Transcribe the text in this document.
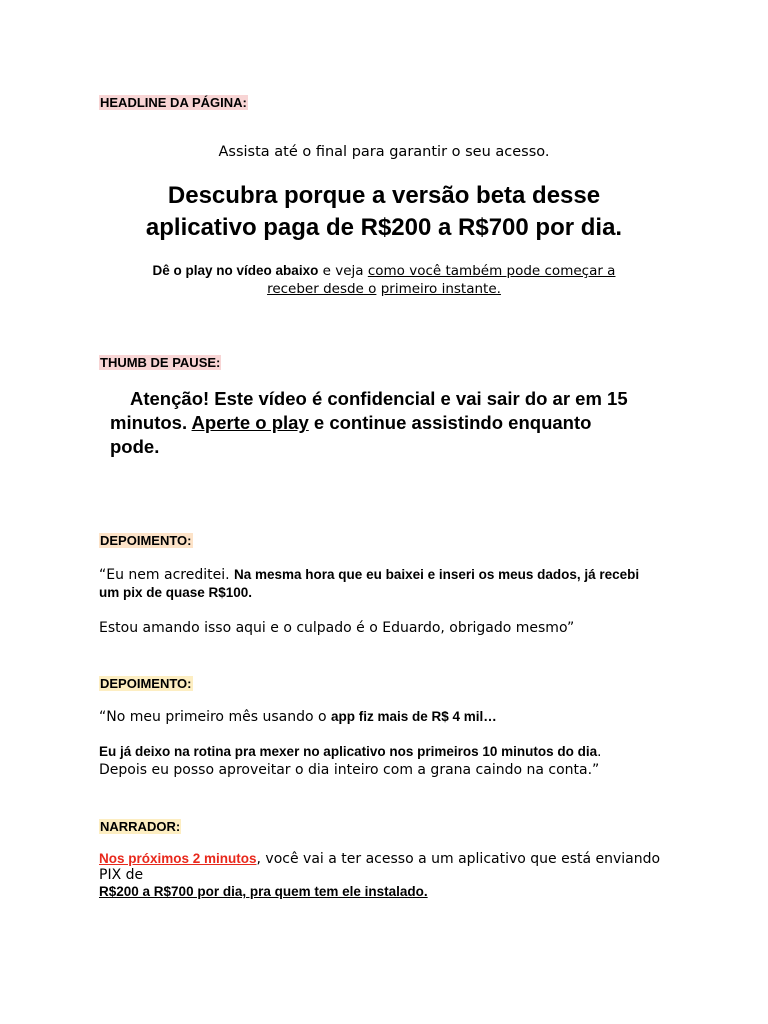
HEADLINE DA PÁGINA:
Assista até o final para garantir o seu acesso.
Descubra porque a versão beta desse
aplicativo paga de R$200 a R$700 por dia.
Dê o play no vídeo abaixo e veja como você também pode começar a
receber desde o primeiro instante.
THUMB DE PAUSE:
Atenção! Este vídeo é confidencial e vai sair do ar em 15
minutos. Aperte o play e continue assistindo enquanto
pode.
DEPOIMENTO:
“Eu nem acreditei. Na mesma hora que eu baixei e inseri os meus dados, já recebi
um pix de quase R$100.
Estou amando isso aqui e o culpado é o Eduardo, obrigado mesmo”
DEPOIMENTO:
“No meu primeiro mês usando o app fiz mais de R$ 4 mil…
Eu já deixo na rotina pra mexer no aplicativo nos primeiros 10 minutos do dia.
Depois eu posso aproveitar o dia inteiro com a grana caindo na conta.”
NARRADOR:
Nos próximos 2 minutos, você vai a ter acesso a um aplicativo que está enviando
PIX de
R$200 a R$700 por dia, pra quem tem ele instalado.
